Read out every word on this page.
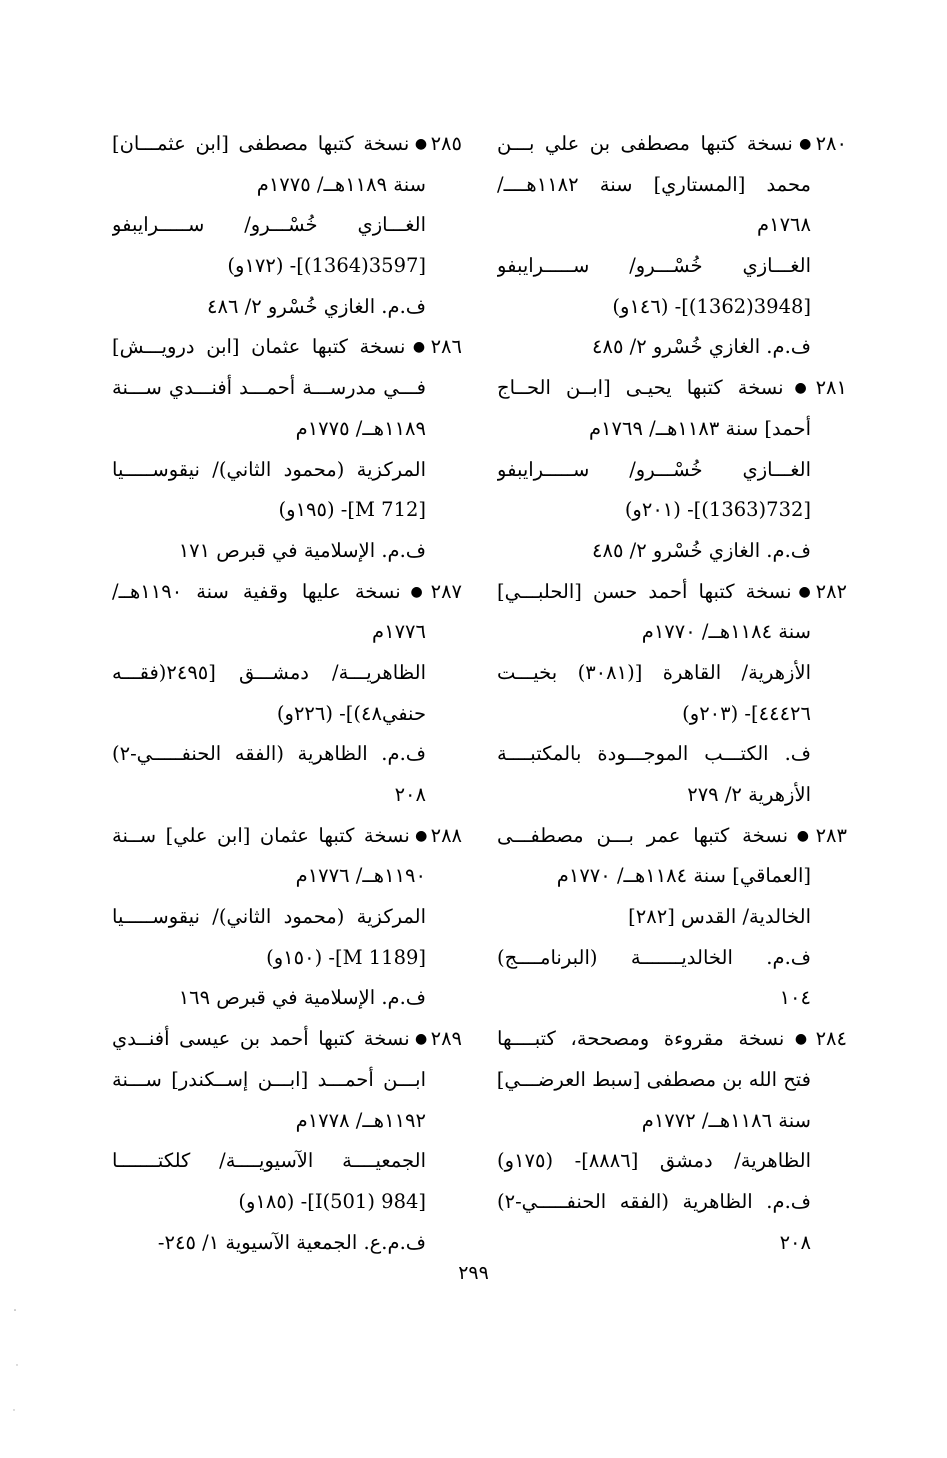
٢٨٠●نسخة كتبها مصطفى بن علي بـــن
محمد [المستاري] سنة ١١٨٢هــــ/
١٧٦٨م
الغـــازي خُسْـــرو/ ســـــرايبفو
[3948(1362)]- (١٤٦و)
ف.م. الغازي خُسْرو ٢/ ٤٨٥
٢٨١●نسخة كتبها يحيـى [ابــن الحــاج
أحمد] سنة ١١٨٣هــ/ ١٧٦٩م
الغـــازي خُسْـــرو/ ســـــرايبفو
[732(1363)]- (٢٠١و)
ف.م. الغازي خُسْرو ٢/ ٤٨٥
٢٨٢●نسخة كتبها أحمد حسن [الحلبـــي]
سنة ١١٨٤هــ/ ١٧٧٠م
الأزهرية/ القاهرة [(٣٠٨١) بخيـــت
٤٤٤٢٦]- (٢٠٣و)
ف. الكتـــب الموجـــودة بالمكتبــــة
الأزهرية ٢/ ٢٧٩
٢٨٣●نسخة كتبها عمر بـــن مصطفـــى
[العماقي] سنة ١١٨٤هــ/ ١٧٧٠م
الخالدية/ القدس [٢٨٢]
ف.م. الخالديـــــــة (البرنامــــج)
١٠٤
٢٨٤●نسخة مقروءة ومصححة، كتبــــها
فتح الله بن مصطفى [سبط العرضـــي]
سنة ١١٨٦هــ/ ١٧٧٢م
الظاهرية/ دمشق [٨٨٨٦]- (١٧٥و)
ف.م. الظاهرية (الفقه الحنفـــــي-٢)
٢٠٨
٢٨٥●نسخة كتبها مصطفى [ابن عثمـــان]
سنة ١١٨٩هــ/ ١٧٧٥م
الغـــازي خُسْـــرو/ ســـــرايبفو
[3597(1364)]- (١٧٢و)
ف.م. الغازي خُسْرو ٢/ ٤٨٦
٢٨٦●نسخة كتبها عثمان [ابن درويـــش]
فـــي مدرســـة أحمـــد أفنـــدي ســـنة
١١٨٩هــ/ ١٧٧٥م
المركزية (محمود الثاني)/ نيقوســـــيا
[M 712]- (١٩٥و)
ف.م. الإسلامية في قبرص ١٧١
٢٨٧●نسخة عليها وقفية سنة ١١٩٠هــ/
١٧٧٦م
الظاهريـــة/ دمشـــق [٢٤٩٥(فقـــه
حنفي٤٨)]- (٢٢٦و)
ف.م. الظاهرية (الفقه الحنفـــــي-٢)
٢٠٨
٢٨٨●نسخة كتبها عثمان [ابن علي] ســنة
١١٩٠هــ/ ١٧٧٦م
المركزية (محمود الثاني)/ نيقوســـــيا
[M 1189]- (١٥٠و)
ف.م. الإسلامية في قبرص ١٦٩
٢٨٩●نسخة كتبها أحمد بن عيسى أفنــدي
ابـــن أحمـــد [ابـــن إســكندر] ســـنة
١١٩٢هــ/ ١٧٧٨م
الجمعيــــة الآسيويــــة/ كلكتـــــــا
[984 I(501)]- (١٨٥و)
ف.م.ع. الجمعية الآسيوية ١/ ٢٤٥-
٢٩٩
